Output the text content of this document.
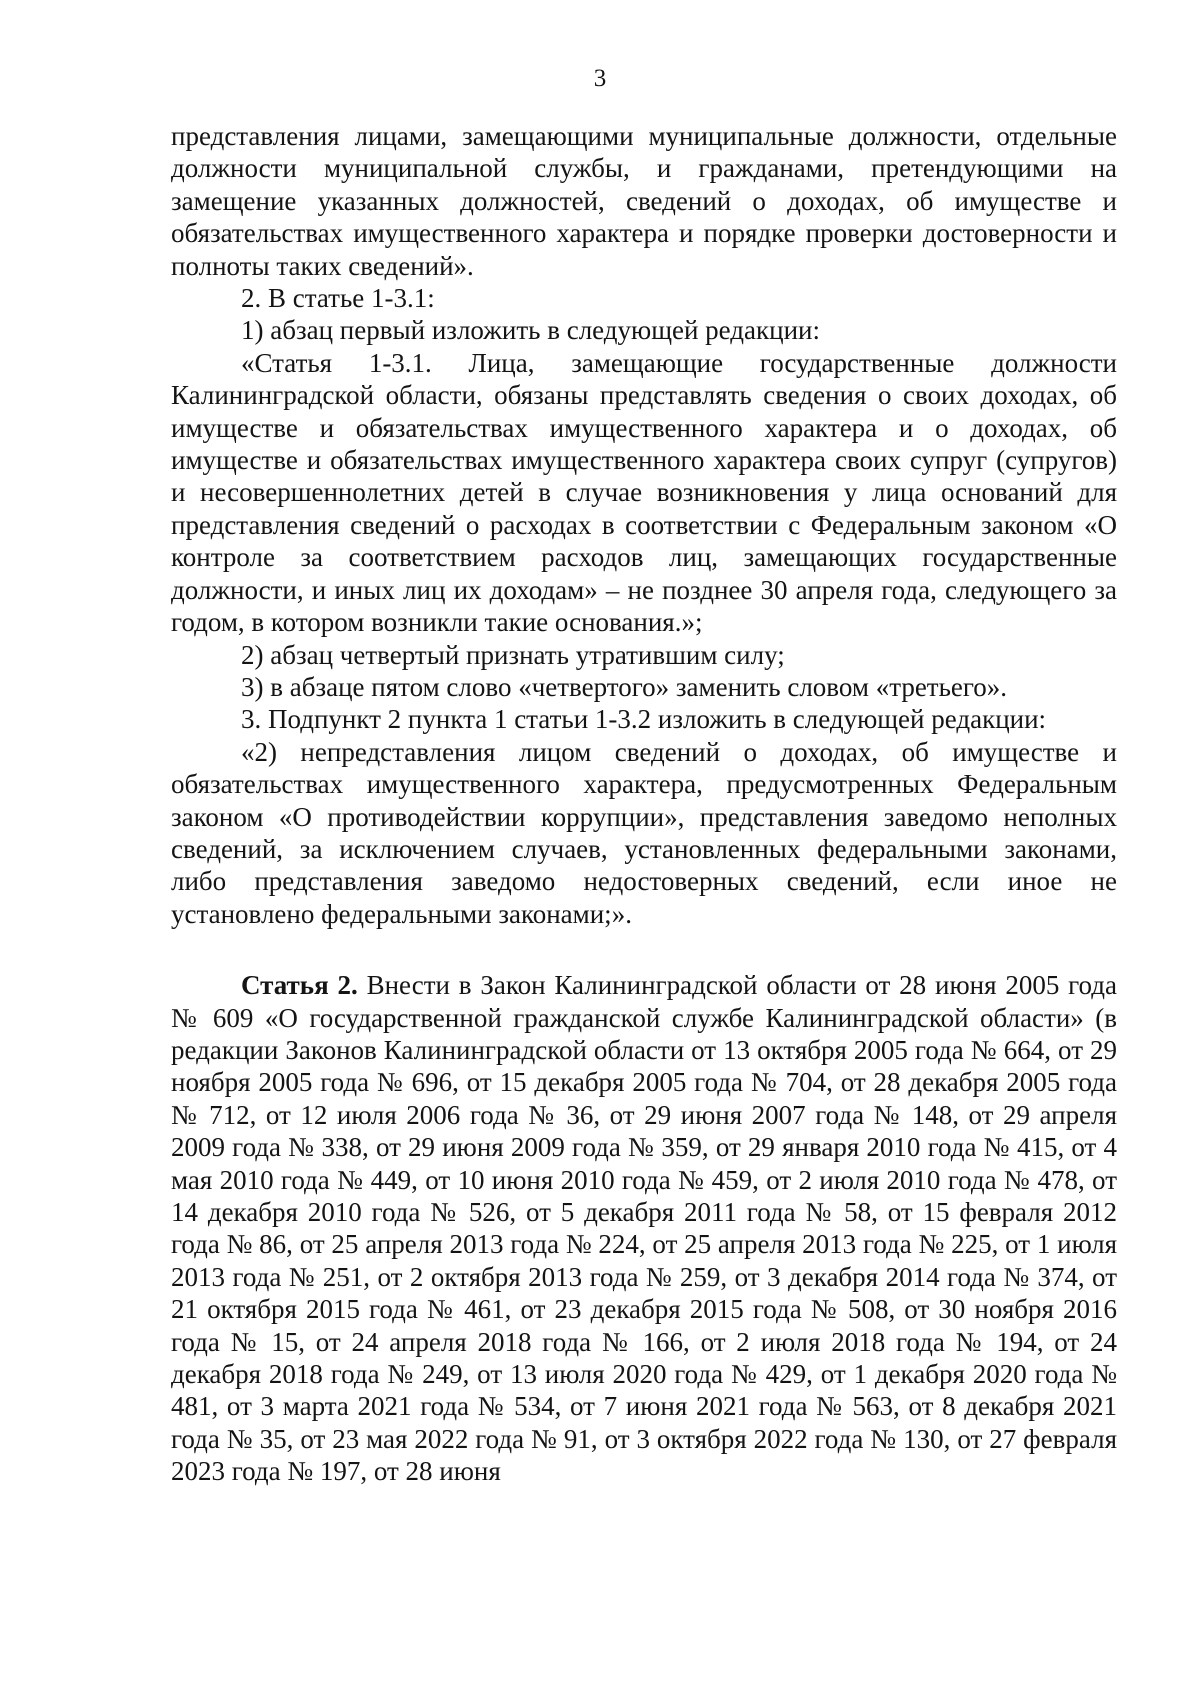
3

представления лицами, замещающими муниципальные должности, отдельные должности муниципальной службы, и гражданами, претендующими на замещение указанных должностей, сведений о доходах, об имуществе и обязательствах имущественного характера и порядке проверки достоверности и полноты таких сведений».

2. В статье 1-3.1:

1) абзац первый изложить в следующей редакции:

«Статья 1-3.1. Лица, замещающие государственные должности Калининградской области, обязаны представлять сведения о своих доходах, об имуществе и обязательствах имущественного характера и о доходах, об имуществе и обязательствах имущественного характера своих супруг (супругов) и несовершеннолетних детей в случае возникновения у лица оснований для представления сведений о расходах в соответствии с Федеральным законом «О контроле за соответствием расходов лиц, замещающих государственные должности, и иных лиц их доходам» – не позднее 30 апреля года, следующего за годом, в котором возникли такие основания.»;

2) абзац четвертый признать утратившим силу;

3) в абзаце пятом слово «четвертого» заменить словом «третьего».

3. Подпункт 2 пункта 1 статьи 1-3.2 изложить в следующей редакции:

«2) непредставления лицом сведений о доходах, об имуществе и обязательствах имущественного характера, предусмотренных Федеральным законом «О противодействии коррупции», представления заведомо неполных сведений, за исключением случаев, установленных федеральными законами, либо представления заведомо недостоверных сведений, если иное не установлено федеральными законами;».

Статья 2. Внести в Закон Калининградской области от 28 июня 2005 года № 609 «О государственной гражданской службе Калининградской области» (в редакции Законов Калининградской области от 13 октября 2005 года № 664, от 29 ноября 2005 года № 696, от 15 декабря 2005 года № 704, от 28 декабря 2005 года № 712, от 12 июля 2006 года № 36, от 29 июня 2007 года № 148, от 29 апреля 2009 года № 338, от 29 июня 2009 года № 359, от 29 января 2010 года № 415, от 4 мая 2010 года № 449, от 10 июня 2010 года № 459, от 2 июля 2010 года № 478, от 14 декабря 2010 года № 526, от 5 декабря 2011 года № 58, от 15 февраля 2012 года № 86, от 25 апреля 2013 года № 224, от 25 апреля 2013 года № 225, от 1 июля 2013 года № 251, от 2 октября 2013 года № 259, от 3 декабря 2014 года № 374, от 21 октября 2015 года № 461, от 23 декабря 2015 года № 508, от 30 ноября 2016 года № 15, от 24 апреля 2018 года № 166, от 2 июля 2018 года № 194, от 24 декабря 2018 года № 249, от 13 июля 2020 года № 429, от 1 декабря 2020 года № 481, от 3 марта 2021 года № 534, от 7 июня 2021 года № 563, от 8 декабря 2021 года № 35, от 23 мая 2022 года № 91, от 3 октября 2022 года № 130, от 27 февраля 2023 года № 197, от 28 июня
